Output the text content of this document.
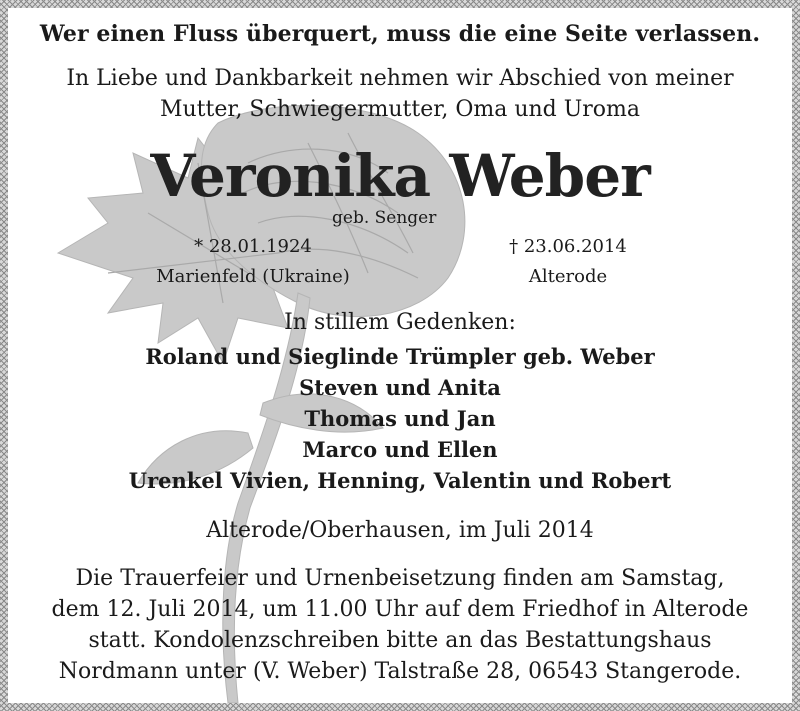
Wer einen Fluss überquert, muss die eine Seite verlassen.
In Liebe und Dankbarkeit nehmen wir Abschied von meiner
Mutter, Schwiegermutter, Oma und Uroma
Veronika Weber
geb. Senger
* 28.01.1924
Marienfeld (Ukraine)
† 23.06.2014
Alterode
In stillem Gedenken:
Roland und Sieglinde Trümpler geb. Weber
Steven und Anita
Thomas und Jan
Marco und Ellen
Urenkel Vivien, Henning, Valentin und Robert
Alterode/Oberhausen, im Juli 2014
Die Trauerfeier und Urnenbeisetzung finden am Samstag,
dem 12. Juli 2014, um 11.00 Uhr auf dem Friedhof in Alterode
statt. Kondolenzschreiben bitte an das Bestattungshaus
Nordmann unter (V. Weber) Talstraße 28, 06543 Stangerode.
